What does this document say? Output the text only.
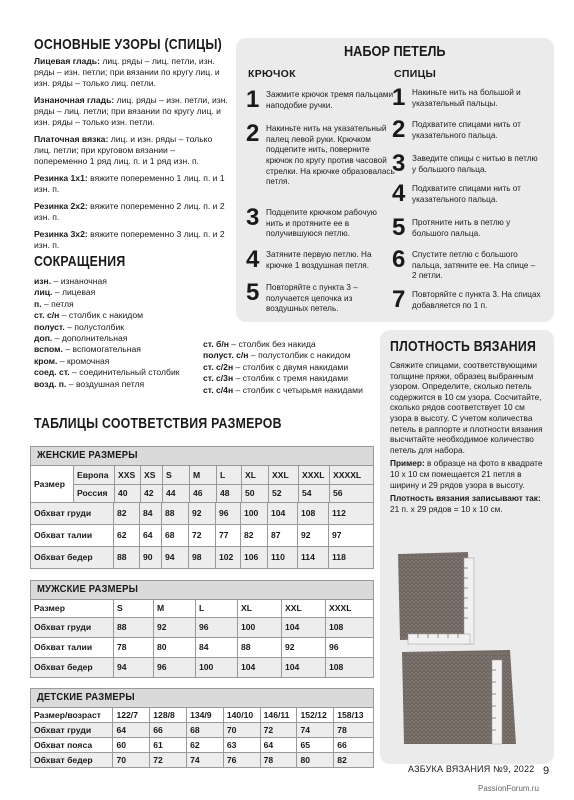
ОСНОВНЫЕ УЗОРЫ (СПИЦЫ)

Лицевая гладь: лиц. ряды – лиц. петли, изн. ряды – изн. петли; при вязании по кругу лиц. и изн. ряды – только лиц. петли.

Изнаночная гладь: лиц. ряды – изн. петли, изн. ряды – лиц. петли; при вязании по кругу лиц. и изн. ряды – только изн. петли.

Платочная вязка: лиц. и изн. ряды – только лиц. петли; при круговом вязании – попеременно 1 ряд лиц. п. и 1 ряд изн. п.

Резинка 1х1: вяжите попеременно 1 лиц. п. и 1 изн. п.

Резинка 2х2: вяжите попеременно 2 лиц. п. и 2 изн. п.

Резинка 3х2: вяжите попеременно 3 лиц. п. и 2 изн. п.

СОКРАЩЕНИЯ
изн. – изнаночная
лиц. – лицевая
п. – петля
ст. с/н – столбик с накидом
полуст. – полустолбик
доп. – дополнительная
вспом. – вспомогательная
кром. – кромочная
соед. ст. – соединительный столбик
возд. п. – воздушная петля
ст. б/н – столбик без накида
полуст. с/н – полустолбик с накидом
ст. с/2н – столбик с двумя накидами
ст. с/3н – столбик с тремя накидами
ст. с/4н – столбик с четырьмя накидами
НАБОР ПЕТЕЛЬ
КРЮЧОК	СПИЦЫ
1 Зажмите крючок тремя пальцами наподобие ручки.
2 Накиньте нить на указательный палец левой руки. Крючком подцепите нить, поверните крючок по кругу против часовой стрелки. На крючке образовалась петля.
3 Подцепите крючком рабочую нить и протяните ее в получившуюся петлю.
4 Затяните первую петлю. На крючке 1 воздушная петля.
5 Повторяйте с пункта 3 – получается цепочка из воздушных петель.
1 Накиньте нить на большой и указательный пальцы.
2 Подхватите спицами нить от указательного пальца.
3 Заведите спицы с нитью в петлю у большого пальца.
4 Подхватите спицами нить от указательного пальца.
5 Протяните нить в петлю у большого пальца.
6 Спустите петлю с большого пальца, затяните ее. На спице – 2 петли.
7 Повторяйте с пункта 3. На спицах добавляется по 1 п.
ПЛОТНОСТЬ ВЯЗАНИЯ

Свяжите спицами, соответствующими толщине пряжи, образец выбранным узором. Определите, сколько петель содержится в 10 см узора. Сосчитайте, сколько рядов соответствует 10 см узора в высоту. С учетом количества петель в раппорте и плотности вязания высчитайте необходимое количество петель для набора.

Пример: в образце на фото в квадрате 10 х 10 см помещается 21 петля в ширину и 29 рядов узора в высоту.

Плотность вязания записывают так: 21 п. х 29 рядов = 10 х 10 см.

ТАБЛИЦЫ СООТВЕТСТВИЯ РАЗМЕРОВ
ЖЕНСКИЕ РАЗМЕРЫ
Размер
Европа	XXS	XS	S	M	L	XL	XXL	XXXL XXXXL
Россия	40	42	44	46	48	50	52	54	56
Обхват груди	82	84	88	92	96	100	104	108	112
Обхват талии	62	64	68	72	77	82	87	92	97
Обхват бедер	88	90	94	98	102	106	110	114	118
МУЖСКИЕ РАЗМЕРЫ
Размер	S	M	L	XL	XXL	XXXL
Обхват груди	88	92	96	100	104	108
Обхват талии	78	80	84	88	92	96
Обхват бедер	94	96	100	104	104	108
ДЕТСКИЕ РАЗМЕРЫ
Размер/возраст	122/7	128/8	134/9	140/10	146/11	152/12	158/13
Обхват груди	64	66	68	70	72	74	78
Обхват пояса	60	61	62	63	64	65	66
Обхват бедер	70	72	74	76	78	80	82
АЗБУКА ВЯЗАНИЯ №9, 2022 9
PassionForum.ru
